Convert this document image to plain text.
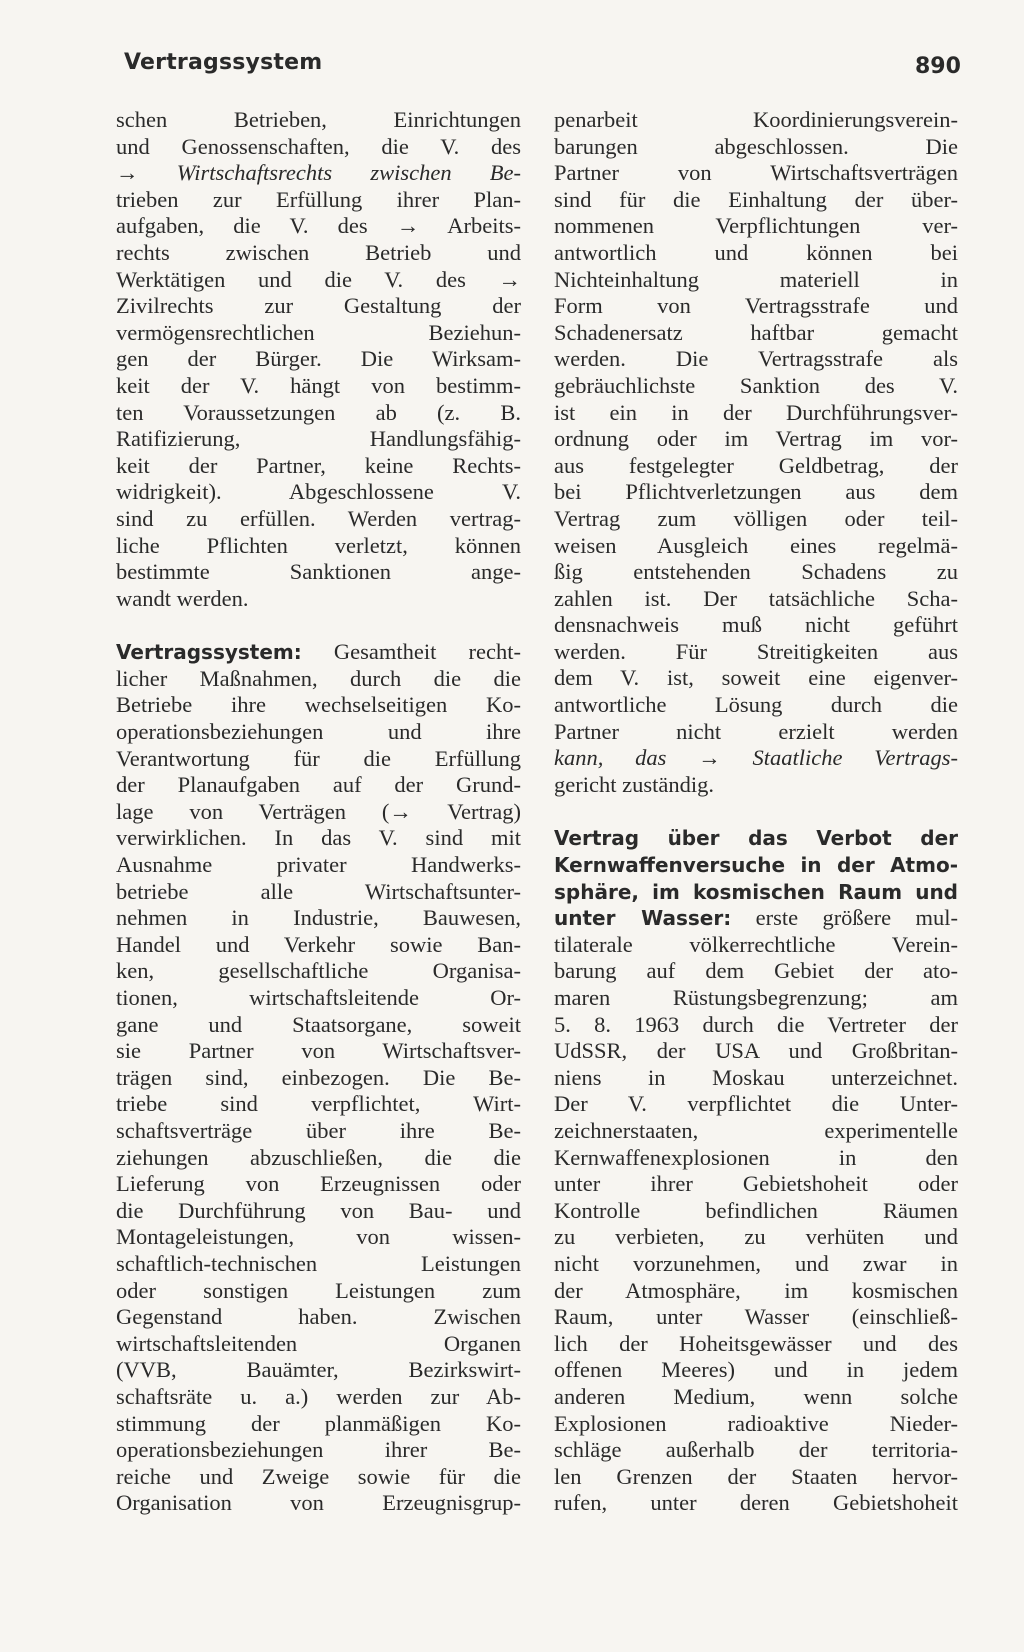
Vertragssystem	890
schen Betrieben, Einrichtungen
und Genossenschaften, die V. des
→ Wirtschaftsrechts zwischen Be-
trieben zur Erfüllung ihrer Plan-
aufgaben, die V. des → Arbeits-
rechts zwischen Betrieb und
Werktätigen und die V. des →
Zivilrechts zur Gestaltung der
vermögensrechtlichen Beziehun-
gen der Bürger. Die Wirksam-
keit der V. hängt von bestimm-
ten Voraussetzungen ab (z. B.
Ratifizierung, Handlungsfähig-
keit der Partner, keine Rechts-
widrigkeit). Abgeschlossene V.
sind zu erfüllen. Werden vertrag-
liche Pflichten verletzt, können
bestimmte Sanktionen ange-
wandt werden.
Vertragssystem: Gesamtheit recht-
licher Maßnahmen, durch die die
Betriebe ihre wechselseitigen Ko-
operationsbeziehungen und ihre
Verantwortung für die Erfüllung
der Planaufgaben auf der Grund-
lage von Verträgen (→ Vertrag)
verwirklichen. In das V. sind mit
Ausnahme privater Handwerks-
betriebe alle Wirtschaftsunter-
nehmen in Industrie, Bauwesen,
Handel und Verkehr sowie Ban-
ken, gesellschaftliche Organisa-
tionen, wirtschaftsleitende Or-
gane und Staatsorgane, soweit
sie Partner von Wirtschaftsver-
trägen sind, einbezogen. Die Be-
triebe sind verpflichtet, Wirt-
schaftsverträge über ihre Be-
ziehungen abzuschließen, die die
Lieferung von Erzeugnissen oder
die Durchführung von Bau- und
Montageleistungen, von wissen-
schaftlich-technischen Leistungen
oder sonstigen Leistungen zum
Gegenstand haben. Zwischen
wirtschaftsleitenden Organen
(VVB, Bauämter, Bezirkswirt-
schaftsräte u. a.) werden zur Ab-
stimmung der planmäßigen Ko-
operationsbeziehungen ihrer Be-
reiche und Zweige sowie für die
Organisation von Erzeugnisgrup-
penarbeit Koordinierungsverein-
barungen abgeschlossen. Die
Partner von Wirtschaftsverträgen
sind für die Einhaltung der über-
nommenen Verpflichtungen ver-
antwortlich und können bei
Nichteinhaltung materiell in
Form von Vertragsstrafe und
Schadenersatz haftbar gemacht
werden. Die Vertragsstrafe als
gebräuchlichste Sanktion des V.
ist ein in der Durchführungsver-
ordnung oder im Vertrag im vor-
aus festgelegter Geldbetrag, der
bei Pflichtverletzungen aus dem
Vertrag zum völligen oder teil-
weisen Ausgleich eines regelmä-
ßig entstehenden Schadens zu
zahlen ist. Der tatsächliche Scha-
densnachweis muß nicht geführt
werden. Für Streitigkeiten aus
dem V. ist, soweit eine eigenver-
antwortliche Lösung durch die
Partner nicht erzielt werden
kann, das → Staatliche Vertrags-
gericht zuständig.
Vertrag über das Verbot der
Kernwaffenversuche in der Atmo-
sphäre, im kosmischen Raum und
unter Wasser: erste größere mul-
tilaterale völkerrechtliche Verein-
barung auf dem Gebiet der ato-
maren Rüstungsbegrenzung; am
5. 8. 1963 durch die Vertreter der
UdSSR, der USA und Großbritan-
niens in Moskau unterzeichnet.
Der V. verpflichtet die Unter-
zeichnerstaaten, experimentelle
Kernwaffenexplosionen in den
unter ihrer Gebietshoheit oder
Kontrolle befindlichen Räumen
zu verbieten, zu verhüten und
nicht vorzunehmen, und zwar in
der Atmosphäre, im kosmischen
Raum, unter Wasser (einschließ-
lich der Hoheitsgewässer und des
offenen Meeres) und in jedem
anderen Medium, wenn solche
Explosionen radioaktive Nieder-
schläge außerhalb der territoria-
len Grenzen der Staaten hervor-
rufen, unter deren Gebietshoheit
